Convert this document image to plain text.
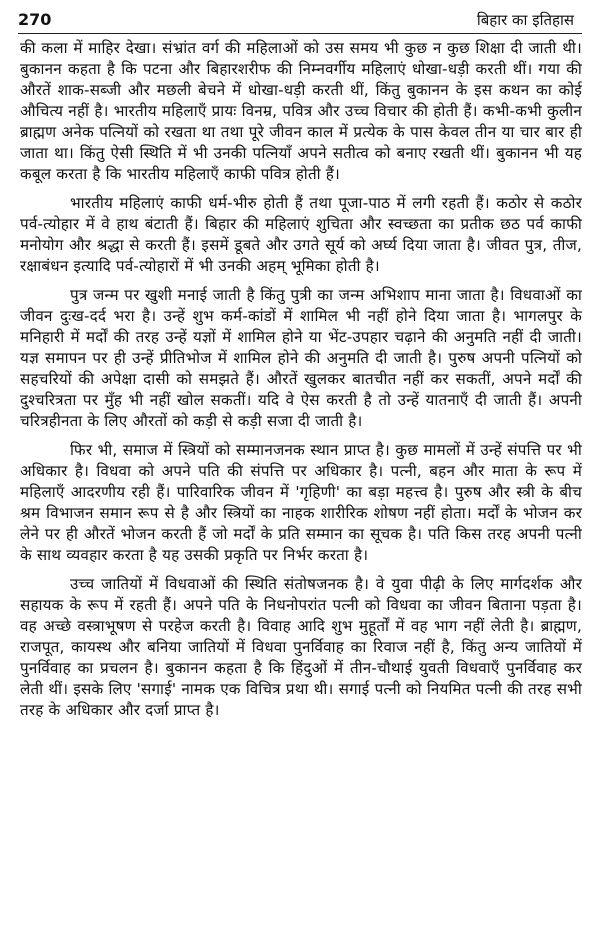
270	बिहार का इतिहास

की कला में माहिर देखा। संभ्रांत वर्ग की महिलाओं को उस समय भी कुछ न कुछ शिक्षा दी जाती थी। बुकानन कहता है कि पटना और बिहारशरीफ की निम्नवर्गीय महिलाएं धोखा-धड़ी करती थीं। गया की औरतें शाक-सब्जी और मछली बेचने में धोखा-धड़ी करती थीं, किंतु बुकानन के इस कथन का कोई औचित्य नहीं है। भारतीय महिलाएँ प्रायः विनम्र, पवित्र और उच्च विचार की होती हैं। कभी-कभी कुलीन ब्राह्मण अनेक पत्नियों को रखता था तथा पूरे जीवन काल में प्रत्येक के पास केवल तीन या चार बार ही जाता था। किंतु ऐसी स्थिति में भी उनकी पत्नियाँ अपने सतीत्व को बनाए रखती थीं। बुकानन भी यह कबूल करता है कि भारतीय महिलाएँ काफी पवित्र होती हैं।

भारतीय महिलाएं काफी धर्म-भीरु होती हैं तथा पूजा-पाठ में लगी रहती हैं। कठोर से कठोर पर्व-त्योहार में वे हाथ बंटाती हैं। बिहार की महिलाएं शुचिता और स्वच्छता का प्रतीक छठ पर्व काफी मनोयोग और श्रद्धा से करती हैं। इसमें डूबते और उगते सूर्य को अर्घ्य दिया जाता है। जीवत पुत्र, तीज, रक्षाबंधन इत्यादि पर्व-त्योहारों में भी उनकी अहम् भूमिका होती है।

पुत्र जन्म पर खुशी मनाई जाती है किंतु पुत्री का जन्म अभिशाप माना जाता है। विधवाओं का जीवन दुःख-दर्द भरा है। उन्हें शुभ कर्म-कांडों में शामिल भी नहीं होने दिया जाता है। भागलपुर के मनिहारी में मर्दों की तरह उन्हें यज्ञों में शामिल होने या भेंट-उपहार चढ़ाने की अनुमति नहीं दी जाती। यज्ञ समापन पर ही उन्हें प्रीतिभोज में शामिल होने की अनुमति दी जाती है। पुरुष अपनी पत्नियों को सहचरियों की अपेक्षा दासी को समझते हैं। औरतें खुलकर बातचीत नहीं कर सकतीं, अपने मर्दों की दुश्चरित्रता पर मुँह भी नहीं खोल सकतीं। यदि वे ऐस करती है तो उन्हें यातनाएँ दी जाती हैं। अपनी चरित्रहीनता के लिए औरतों को कड़ी से कड़ी सजा दी जाती है।

फिर भी, समाज में स्त्रियों को सम्मानजनक स्थान प्राप्त है। कुछ मामलों में उन्हें संपत्ति पर भी अधिकार है। विधवा को अपने पति की संपत्ति पर अधिकार है। पत्नी, बहन और माता के रूप में महिलाएँ आदरणीय रही हैं। पारिवारिक जीवन में 'गृहिणी' का बड़ा महत्त्व है। पुरुष और स्त्री के बीच श्रम विभाजन समान रूप से है और स्त्रियों का नाहक शारीरिक शोषण नहीं होता। मर्दों के भोजन कर लेने पर ही औरतें भोजन करती हैं जो मर्दों के प्रति सम्मान का सूचक है। पति किस तरह अपनी पत्नी के साथ व्यवहार करता है यह उसकी प्रकृति पर निर्भर करता है।

उच्च जातियों में विधवाओं की स्थिति संतोषजनक है। वे युवा पीढ़ी के लिए मार्गदर्शक और सहायक के रूप में रहती हैं। अपने पति के निधनोपरांत पत्नी को विधवा का जीवन बिताना पड़ता है। वह अच्छे वस्त्राभूषण से परहेज करती है। विवाह आदि शुभ मुहूर्तों में वह भाग नहीं लेती है। ब्राह्मण, राजपूत, कायस्थ और बनिया जातियों में विधवा पुनर्विवाह का रिवाज नहीं है, किंतु अन्य जातियों में पुनर्विवाह का प्रचलन है। बुकानन कहता है कि हिंदुओं में तीन-चौथाई युवती विधवाएँ पुनर्विवाह कर लेती थीं। इसके लिए 'सगाई' नामक एक विचित्र प्रथा थी। सगाई पत्नी को नियमित पत्नी की तरह सभी तरह के अधिकार और दर्जा प्राप्त है।
